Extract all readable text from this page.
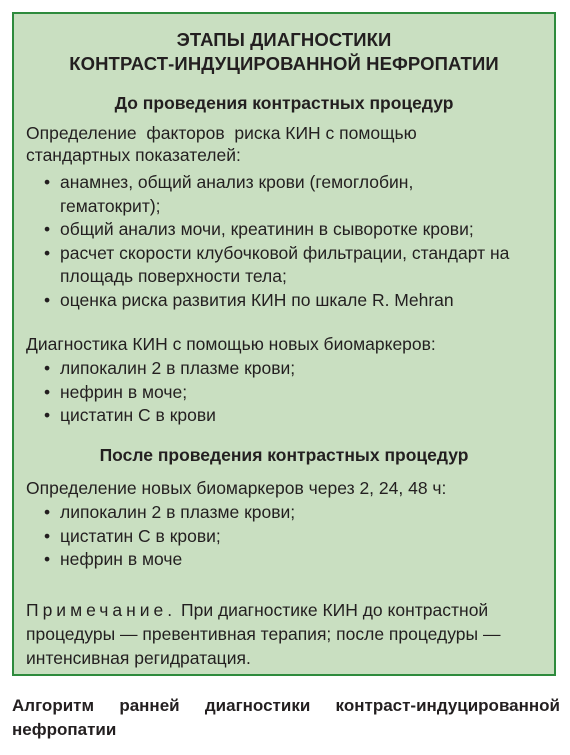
ЭТАПЫ ДИАГНОСТИКИ
КОНТРАСТ-ИНДУЦИРОВАННОЙ НЕФРОПАТИИ
До проведения контрастных процедур
Определение  факторов  риска КИН с помощью
стандартных показателей:
• анамнез, общий анализ крови (гемоглобин, гематокрит);
• общий анализ мочи, креатинин в сыворотке крови;
• расчет скорости клубочковой фильтрации, стандарт на площадь поверхности тела;
• оценка риска развития КИН по шкале R. Mehran
Диагностика КИН с помощью новых биомаркеров:
• липокалин 2 в плазме крови;
• нефрин в моче;
• цистатин С в крови
После проведения контрастных процедур
Определение новых биомаркеров через 2, 24, 48 ч:
• липокалин 2 в плазме крови;
• цистатин С в крови;
• нефрин в моче
Примечание. При диагностике КИН до контрастной процедуры — превентивная терапия; после процедуры — интенсивная регидратация.
Алгоритм ранней диагностики контраст-индуцированной нефропатии
